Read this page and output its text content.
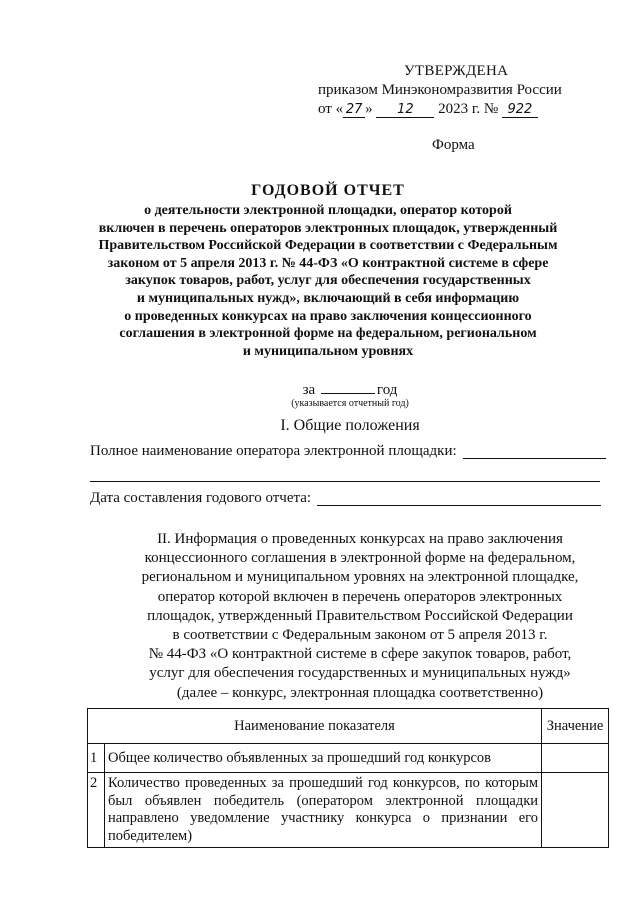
УТВЕРЖДЕНА
приказом Минэкономразвития России
от « 27 » 12 2023 г. № 922
Форма
ГОДОВОЙ ОТЧЕТ
о деятельности электронной площадки, оператор которой
включен в перечень операторов электронных площадок, утвержденный
Правительством Российской Федерации в соответствии с Федеральным
законом от 5 апреля 2013 г. № 44-ФЗ «О контрактной системе в сфере
закупок товаров, работ, услуг для обеспечения государственных
и муниципальных нужд», включающий в себя информацию
о проведенных конкурсах на право заключения концессионного
соглашения в электронной форме на федеральном, региональном
и муниципальном уровнях
за	год
(указывается отчетный год)
I. Общие положения
Полное наименование оператора электронной площадки:
Дата составления годового отчета:
II. Информация о проведенных конкурсах на право заключения
концессионного соглашения в электронной форме на федеральном,
региональном и муниципальном уровнях на электронной площадке,
оператор которой включен в перечень операторов электронных
площадок, утвержденный Правительством Российской Федерации
в соответствии с Федеральным законом от 5 апреля 2013 г.
№ 44-ФЗ «О контрактной системе в сфере закупок товаров, работ,
услуг для обеспечения государственных и муниципальных нужд»
(далее – конкурс, электронная площадка соответственно)
Наименование показателя		Значение
1	Общее количество объявленных за прошедший год конкурсов	
2	Количество проведенных за прошедший год конкурсов, по которым был объявлен победитель (оператором электронной площадки направлено уведомление участнику конкурса о признании его победителем)	
